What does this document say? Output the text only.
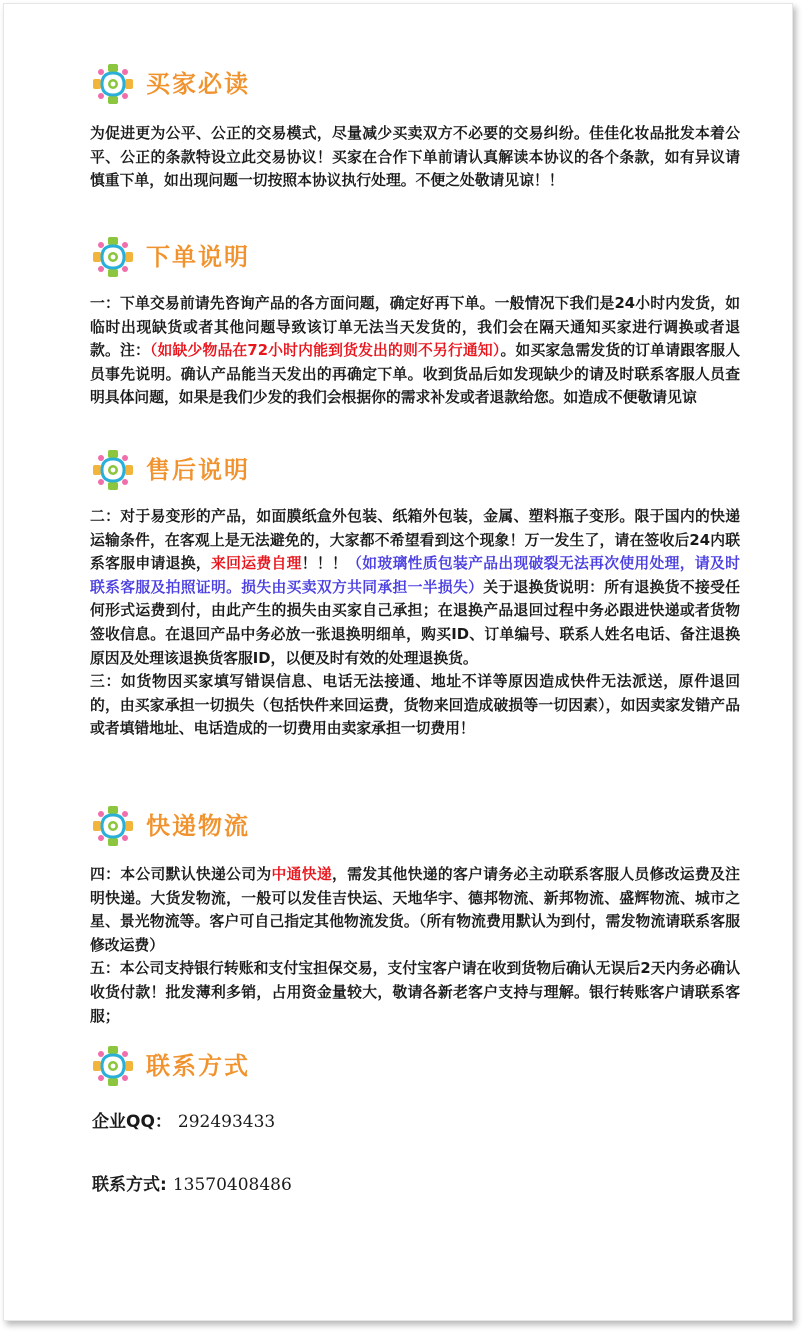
买家必读
为促进更为公平、公正的交易模式，尽量减少买卖双方不必要的交易纠纷。佳佳化妆品批发本着公平、公正的条款特设立此交易协议！买家在合作下单前请认真解读本协议的各个条款，如有异议请慎重下单，如出现问题一切按照本协议执行处理。不便之处敬请见谅！！
下单说明
一：下单交易前请先咨询产品的各方面问题，确定好再下单。一般情况下我们是24小时内发货，如临时出现缺货或者其他问题导致该订单无法当天发货的，我们会在隔天通知买家进行调换或者退款。注：（如缺少物品在72小时内能到货发出的则不另行通知）。如买家急需发货的订单请跟客服人员事先说明。确认产品能当天发出的再确定下单。收到货品后如发现缺少的请及时联系客服人员查明具体问题，如果是我们少发的我们会根据你的需求补发或者退款给您。如造成不便敬请见谅
售后说明
二：对于易变形的产品，如面膜纸盒外包装、纸箱外包装，金属、塑料瓶子变形。限于国内的快递运输条件，在客观上是无法避免的，大家都不希望看到这个现象！万一发生了，请在签收后24内联系客服申请退换，来回运费自理！！！（如玻璃性质包装产品出现破裂无法再次使用处理，请及时联系客服及拍照证明。损失由买卖双方共同承担一半损失）关于退换货说明：所有退换货不接受任何形式运费到付，由此产生的损失由买家自己承担；在退换产品退回过程中务必跟进快递或者货物签收信息。在退回产品中务必放一张退换明细单，购买ID、订单编号、联系人姓名电话、备注退换原因及处理该退换货客服ID，以便及时有效的处理退换货。
三：如货物因买家填写错误信息、电话无法接通、地址不详等原因造成快件无法派送，原件退回的，由买家承担一切损失（包括快件来回运费，货物来回造成破损等一切因素），如因卖家发错产品或者填错地址、电话造成的一切费用由卖家承担一切费用！
快递物流
四：本公司默认快递公司为中通快递，需发其他快递的客户请务必主动联系客服人员修改运费及注明快递。大货发物流，一般可以发佳吉快运、天地华宇、德邦物流、新邦物流、盛辉物流、城市之星、景光物流等。客户可自己指定其他物流发货。（所有物流费用默认为到付，需发物流请联系客服修改运费）
五：本公司支持银行转账和支付宝担保交易，支付宝客户请在收到货物后确认无误后2天内务必确认收货付款！批发薄利多销，占用资金量较大，敬请各新老客户支持与理解。银行转账客户请联系客服；
联系方式
企业QQ： 292493433
联系方式: 13570408486
